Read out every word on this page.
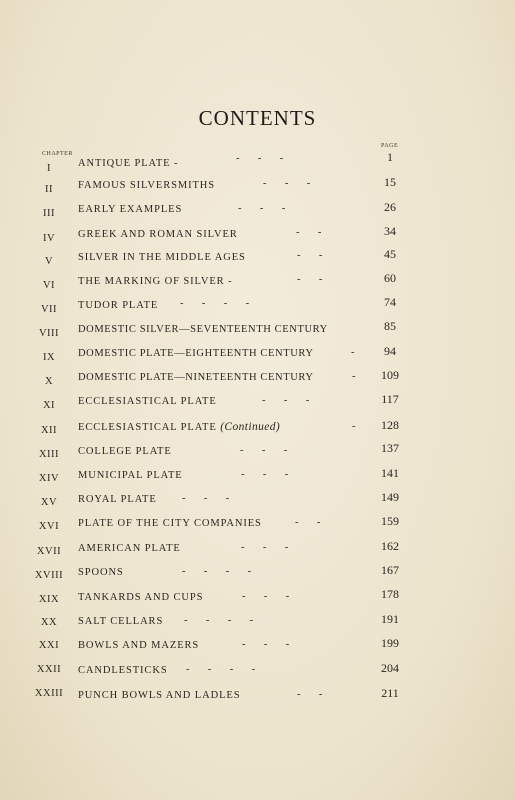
CONTENTS
CHAPTER
PAGE
I	ANTIQUE PLATE -	-       -       -	1
II	FAMOUS SILVERSMITHS	-       -       -	15
III	EARLY EXAMPLES	-       -       -	26
IV	GREEK AND ROMAN SILVER	-       -	34
V	SILVER IN THE MIDDLE AGES	-       -	45
VI	THE MARKING OF SILVER -	-       -	60
VII	TUDOR PLATE -       -       -       -	74
VIII	DOMESTIC SILVER—SEVENTEENTH CENTURY	85
IX	DOMESTIC PLATE—EIGHTEENTH CENTURY	-	94
X	DOMESTIC PLATE—NINETEENTH CENTURY	-	109
XI	ECCLESIASTICAL PLATE	-       -       -	117
XII	ECCLESIASTICAL PLATE (Continued)	-	128
XIII	COLLEGE PLATE	-       -       -	137
XIV	MUNICIPAL PLATE	-       -       -	141
XV	ROYAL PLATE -       -       -	149
XVI	PLATE OF THE CITY COMPANIES	-       -	159
XVII	AMERICAN PLATE	-       -       -	162
XVIII	SPOONS	-       -       -       -	167
XIX	TANKARDS AND CUPS	-       -       -	178
XX	SALT CELLARS -       -       -       -	191
XXI	BOWLS AND MAZERS	-       -       -	199
XXII	CANDLESTICKS -       -       -       -	204
XXIII	PUNCH BOWLS AND LADLES	-       -	211
